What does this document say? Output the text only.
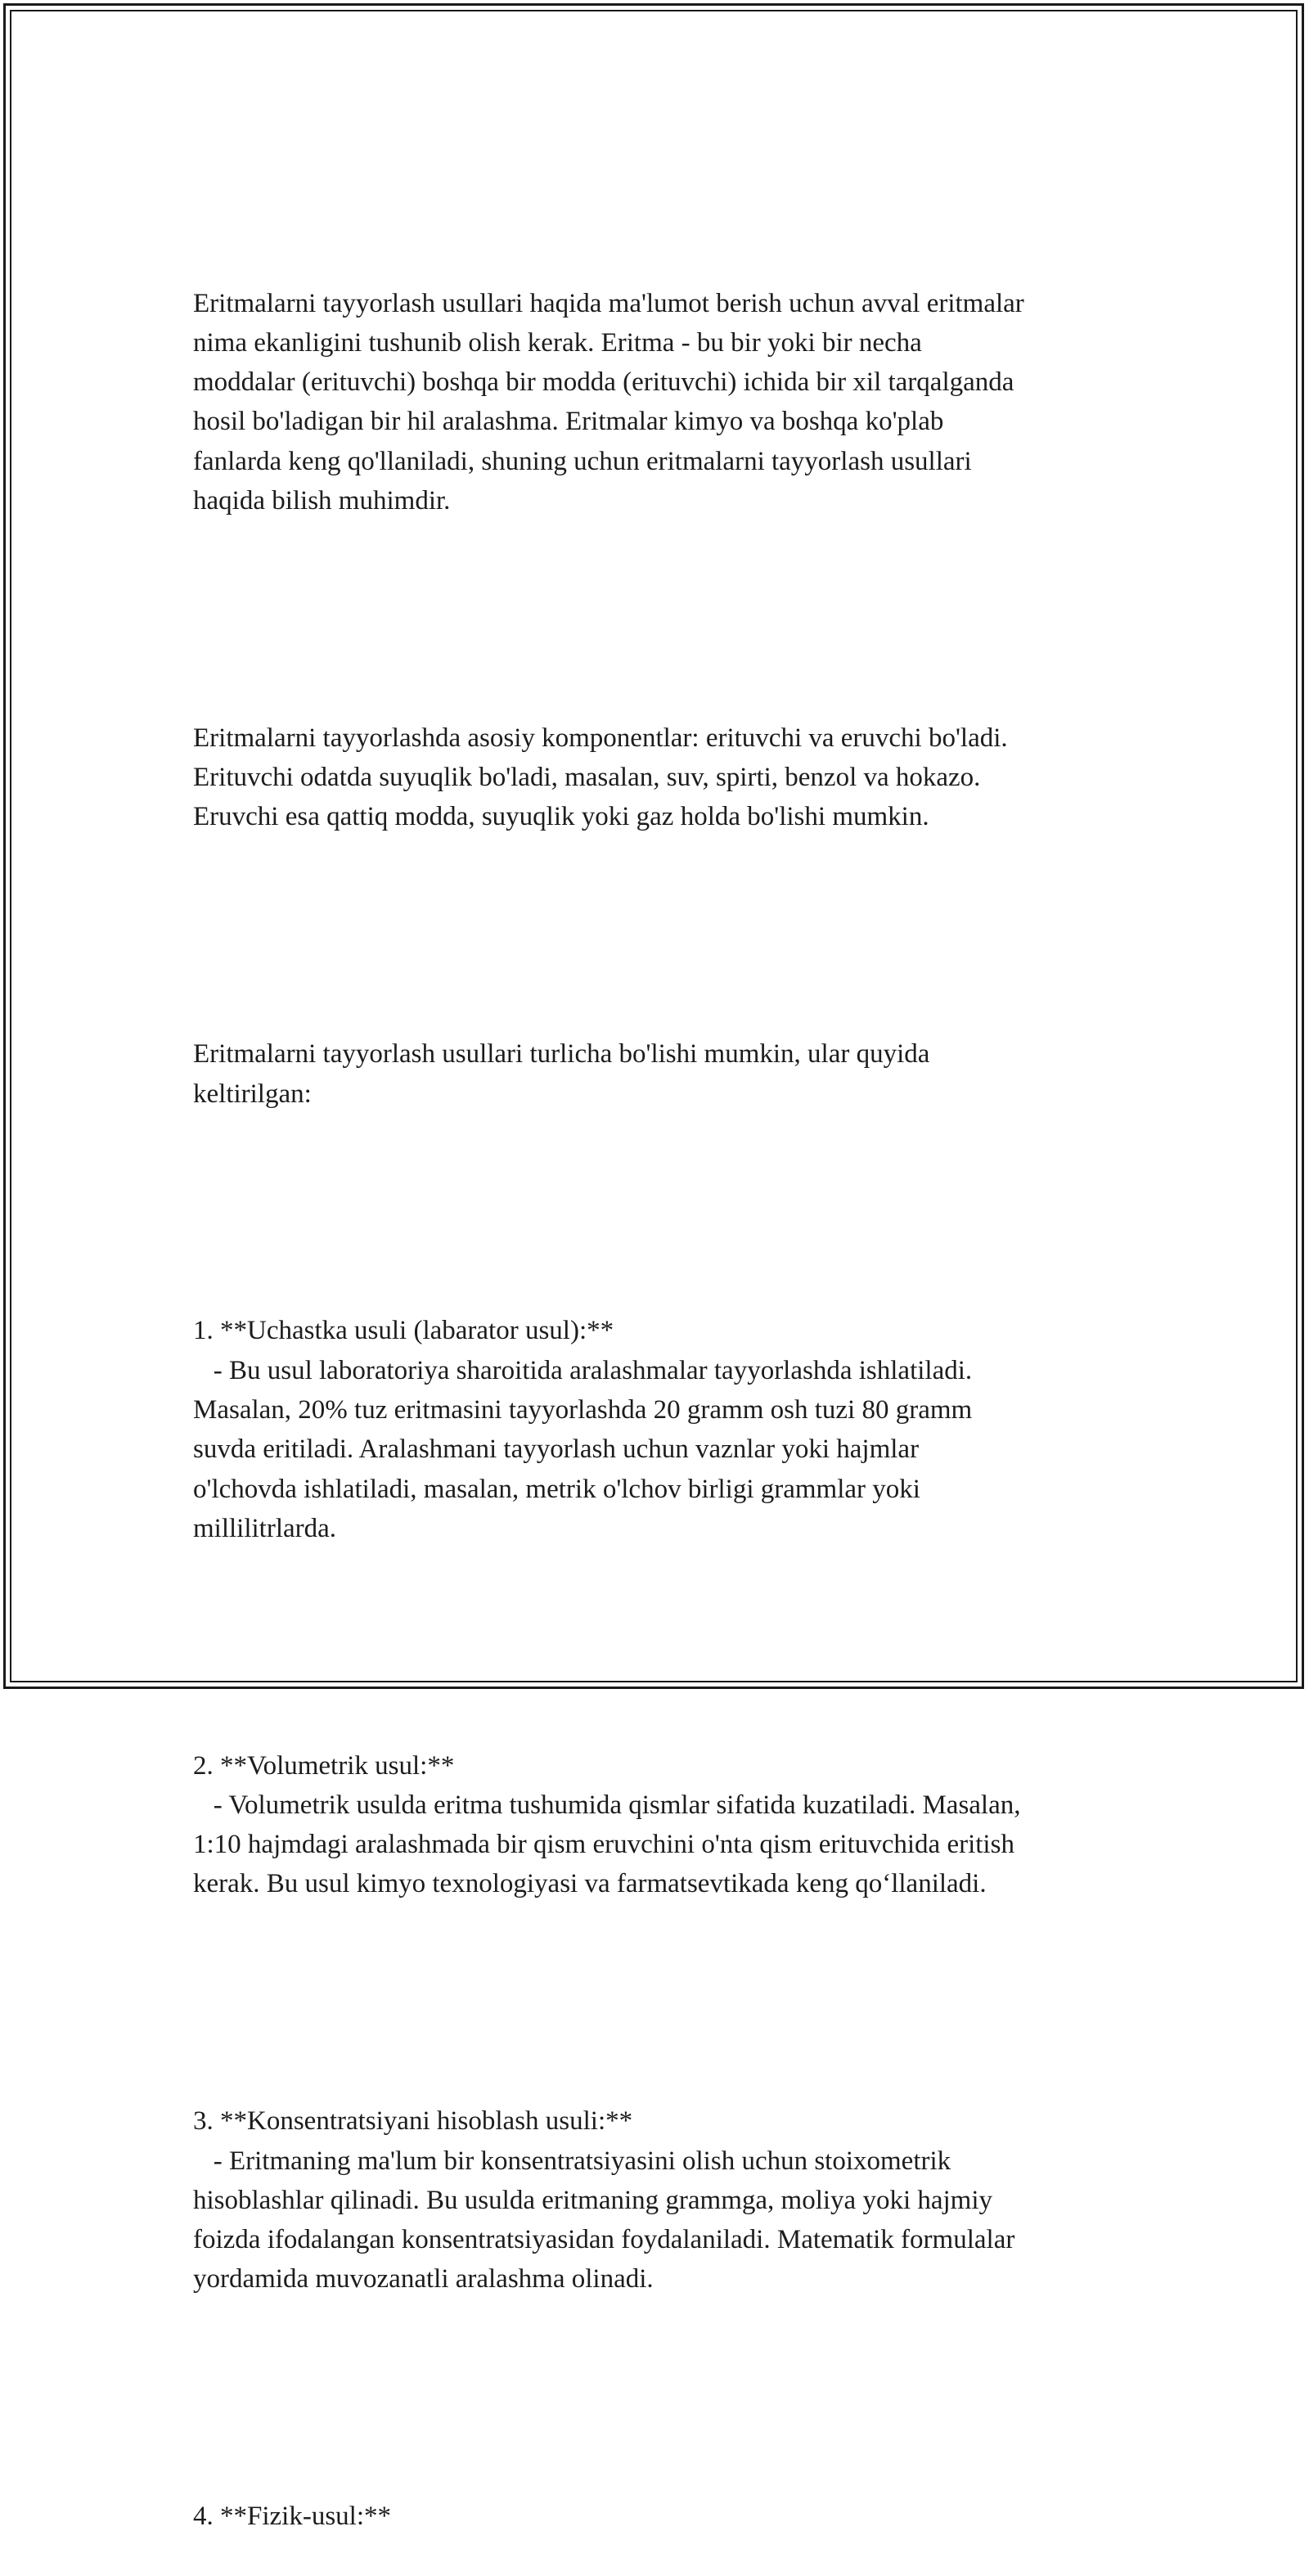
Eritmalarni tayyorlash usullari haqida ma'lumot berish uchun avval eritmalar
nima ekanligini tushunib olish kerak. Eritma - bu bir yoki bir necha
moddalar (erituvchi) boshqa bir modda (erituvchi) ichida bir xil tarqalganda
hosil bo'ladigan bir hil aralashma. Eritmalar kimyo va boshqa ko'plab
fanlarda keng qo'llaniladi, shuning uchun eritmalarni tayyorlash usullari
haqida bilish muhimdir.

Eritmalarni tayyorlashda asosiy komponentlar: erituvchi va eruvchi bo'ladi.
Erituvchi odatda suyuqlik bo'ladi, masalan, suv, spirti, benzol va hokazo.
Eruvchi esa qattiq modda, suyuqlik yoki gaz holda bo'lishi mumkin.

Eritmalarni tayyorlash usullari turlicha bo'lishi mumkin, ular quyida
keltirilgan:

1. **Uchastka usuli (labarator usul):**
- Bu usul laboratoriya sharoitida aralashmalar tayyorlashda ishlatiladi.
Masalan, 20% tuz eritmasini tayyorlashda 20 gramm osh tuzi 80 gramm
suvda eritiladi. Aralashmani tayyorlash uchun vaznlar yoki hajmlar
o'lchovda ishlatiladi, masalan, metrik o'lchov birligi grammlar yoki
millilitrlarda.

2. **Volumetrik usul:**
- Volumetrik usulda eritma tushumida qismlar sifatida kuzatiladi. Masalan,
1:10 hajmdagi aralashmada bir qism eruvchini o'nta qism erituvchida eritish
kerak. Bu usul kimyo texnologiyasi va farmatsevtikada keng qo‘llaniladi.

3. **Konsentratsiyani hisoblash usuli:**
- Eritmaning ma'lum bir konsentratsiyasini olish uchun stoixometrik
hisoblashlar qilinadi. Bu usulda eritmaning grammga, moliya yoki hajmiy
foizda ifodalangan konsentratsiyasidan foydalaniladi. Matematik formulalar
yordamida muvozanatli aralashma olinadi.

4. **Fizik-usul:**
